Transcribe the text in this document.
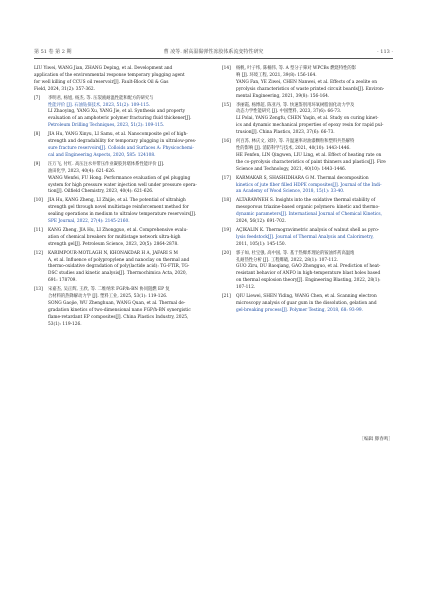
第 51 卷 第 2 期	曹 凌等. 耐高温黏弹性冻胶体系流变特性研究	· 113 ·
LIU Yiwei, WANG Jian, ZHANG Deping, et al. Development and
application of the environmental response temporary plugging agent
for well killing of CCUS oil reservoir[J]. Fault-Block Oil & Gas
Field, 2024, 31(2): 357-362.
[7] 李明君, 杨旭, 杨杰, 等. 压裂液耐温性能和配方的研究与
性能评价 [J]. 石油钻探技术, 2023, 51(2): 109-115.
LI Zhaoying, YANG Xu, YANG Jie, et al. Synthesis and property
evaluation of an amphoteric polymer fracturing fluid thickener[J].
Petroleum Drilling Techniques, 2023, 51(2): 109-115.
[8] JIA Hu, YANG Xinyu, LI Samu, et al. Nanocomposite gel of high-
strength and degradability for temporary plugging in ultralow-pres-
sure fracture reservoirs[J]. Colloids and Surfaces A: Physicochemi-
cal and Engineering Aspects, 2020, 585: 124108.
[9] 汪万飞, 付红. 高压注水井带压作业凝胶封堵体系性能评价 [J].
油田化学, 2023, 40(4): 621-626.
WANG Wenfei, FU Hong. Performance evaluation of gel plugging
system for high pressure water injection well under pressure opera-
tion[J]. Oilfield Chemistry, 2023, 40(4): 621-626.
[10] JIA Hu, KANG Zheng, LI Zhijie, et al. The potential of ultrahigh
strength gel through novel multistage reinforcement method for
sealing operations in medium to ultralow temperature reservoirs[J].
SPE Journal, 2022, 27(4): 2145-2160.
[11] KANG Zheng, JIA Hu, LI Zhongguo, et al. Comprehensive evalu-
ation of chemical breakers for multistage network ultra-high
strength gel[J]. Petroleum Science, 2023, 20(5): 2864-2878.
[12] KARIMPOUR-MOTLAGH N, KHONAKDAR H A, JAFARI S M
A, et al. Influence of polypropylene and nanoclay on thermal and
thermo-oxidative degradation of poly(lactide acid): TG-FTIR, TG-
DSC studies and kinetic analysis[J]. Thermochimica Acta, 2020,
691: 178709.
[13] 宋嘉杰, 吴正辉, 王欣, 等. 二维纳米 FGP/h-BN 协同阻燃 EP 复
合材料的热降解动力学 [J]. 塑料工业, 2025, 53(1): 119-126.
SONG Gaojie, WU Zhenghuan, WANG Quan, et al. Thermal de-
gradation kinetics of two-dimensional nano FGP/h-BN synergistic
flame-retardant EP composites[J]. China Plastics Industry, 2025,
53(1): 119-126.
[14] 杨帆, 叶子纬, 陈楠伟, 等. A 型分子筛对 WPCBs 燃烧特性的影
响 [J]. 环境工程, 2021, 39(8): 156-164.
YANG Fan, YE Ziwei, CHEN Nanwei, et al. Effects of a zeolite on
pyrolysis characteristics of waste printed circuit boards[J]. Environ-
mental Engineering, 2021, 39(8): 156-164.
[15] 李丽霞, 杨博超, 陈亚丹, 等. 快速鉴别用环氧树脂固化动力学及
动态力学性能研究 [J]. 中国塑料, 2023, 37(6): 66-73.
LI Polai, YANG Zengfu, CHEN Yaqin, et al. Study on curing kinet-
ics and dynamic mechanical properties of epoxy resin for rapid pul-
trusion[J]. China Plastics, 2023, 37(6): 66-73.
[16] 何百苏, 林庆文, 刘玲, 等. 升温速率对油漆颗粒和塑料共热解特
性的影响 [J]. 消防科学与技术, 2021, 40(10): 1443-1446.
HE Fenfen, LIN Qingwen, LIU Ling, et al. Effect of heating rate on
the co-pyrolysis characteristics of paint thinners and plastics[J]. Fire
Science and Technology, 2021, 40(10): 1443-1446.
[17] KARMAKAR S, SHASHIDHARA G M. Thermal decomposition
kinetics of jute fiber filled HDPE composites[J]. Journal of the Indi-
an Academy of Wood Science, 2018, 15(1): 33-40.
[18] ALTARAWNEH S. Insights into the oxidative thermal stability of
mesoporous triazine-based organic polymers: kinetic and thermo-
dynamic parameters[J]. International Journal of Chemical Kinetics,
2024, 56(12): 691-702.
[19] AÇIKALIN K. Thermogravimetric analysis of walnut shell as pyro-
lysis feedstock[J]. Journal of Thermal Analysis and Calorimetry,
2011, 105(1): 145-150.
[20] 郭子如, 杜宝强, 高中国, 等. 基于热爆炸理论的铵油炸药高温炮
孔耐热性分析 [J]. 工程爆破, 2022, 28(1): 107-112.
GUO Ziru, DU Baoqiang, GAO Zhongguo, et al. Prediction of heat-
resistant behavior of ANFO in high-temperature blast holes based
on thermal explosion theory[J]. Engineering Blasting, 2022, 28(1):
107-112.
[21] QIU Liewei, SHEN Yiding, WANG Chen, et al. Scanning electron
microscopy analysis of guar gum in the dissolution, gelation and
gel-breaking process[J]. Polymer Testing, 2018, 68: 93-99.
［编辑 滕春鸣］
